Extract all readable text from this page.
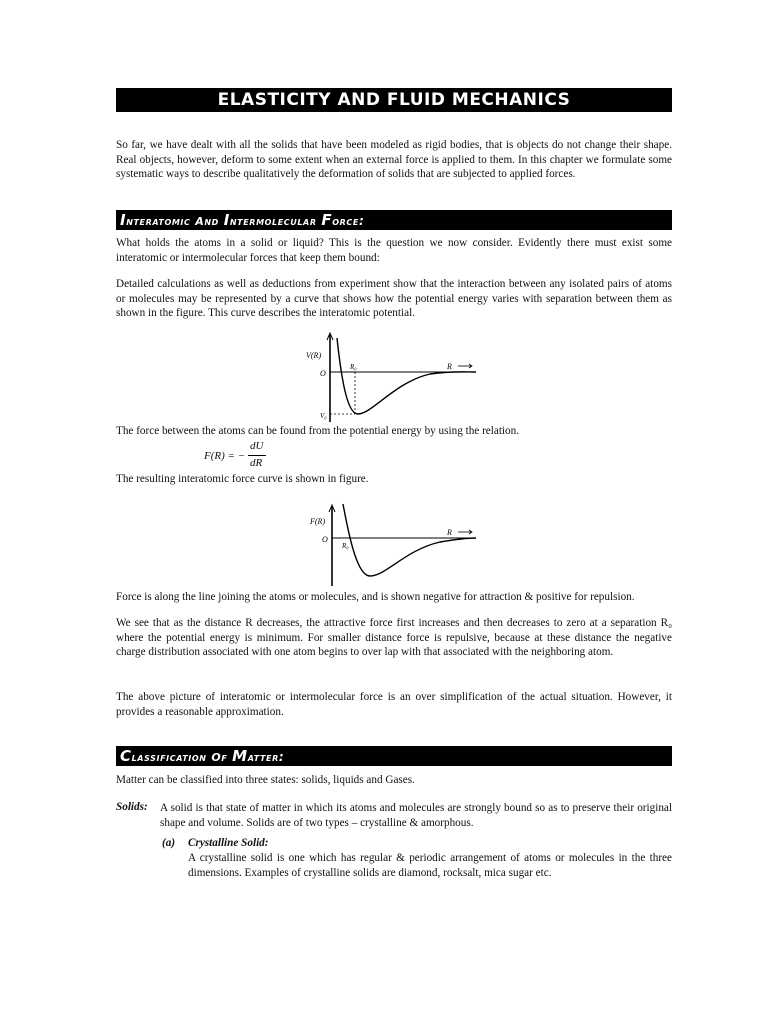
ELASTICITY AND FLUID MECHANICS

So far, we have dealt with all the solids that have been modeled as rigid bodies, that is objects do not change their shape. Real objects, however, deform to some extent when an external force is applied to them. In this chapter we formulate some systematic ways to describe qualitatively the deformation of solids that are subjected to applied forces.

Interatomic and Intermolecular Force:

What holds the atoms in a solid or liquid? This is the question we now consider. Evidently there must exist some interatomic or intermolecular forces that keep them bound:

Detailed calculations as well as deductions from experiment show that the interaction between any isolated pairs of atoms or molecules may be represented by a curve that shows how the potential energy varies with separation between them as shown in the figure. This curve describes the interatomic potential.

V(R)
O
R₀	R
V₀

The force between the atoms can be found from the potential energy by using the relation.

F(R) = −
dU
dR

The resulting interatomic force curve is shown in figure.

F(R)
O
R₀
R

Force is along the line joining the atoms or molecules, and is shown negative for attraction & positive for repulsion.

We see that as the distance R decreases, the attractive force first increases and then decreases to zero at a separation R₀ where the potential energy is minimum. For smaller distance force is repulsive, because at these distance the negative charge distribution associated with one atom begins to over lap with that associated with the neighboring atom.

The above picture of interatomic or intermolecular force is an over simplification of the actual situation. However, it provides a reasonable approximation.

Classification of Matter:

Matter can be classified into three states: solids, liquids and Gases.

Solids: A solid is that state of matter in which its atoms and molecules are strongly bound so as to preserve their original shape and volume. Solids are of two types – crystalline & amorphous.

(a) Crystalline Solid:

A crystalline solid is one which has regular & periodic arrangement of atoms or molecules in the three dimensions. Examples of crystalline solids are diamond, rocksalt, mica sugar etc.
